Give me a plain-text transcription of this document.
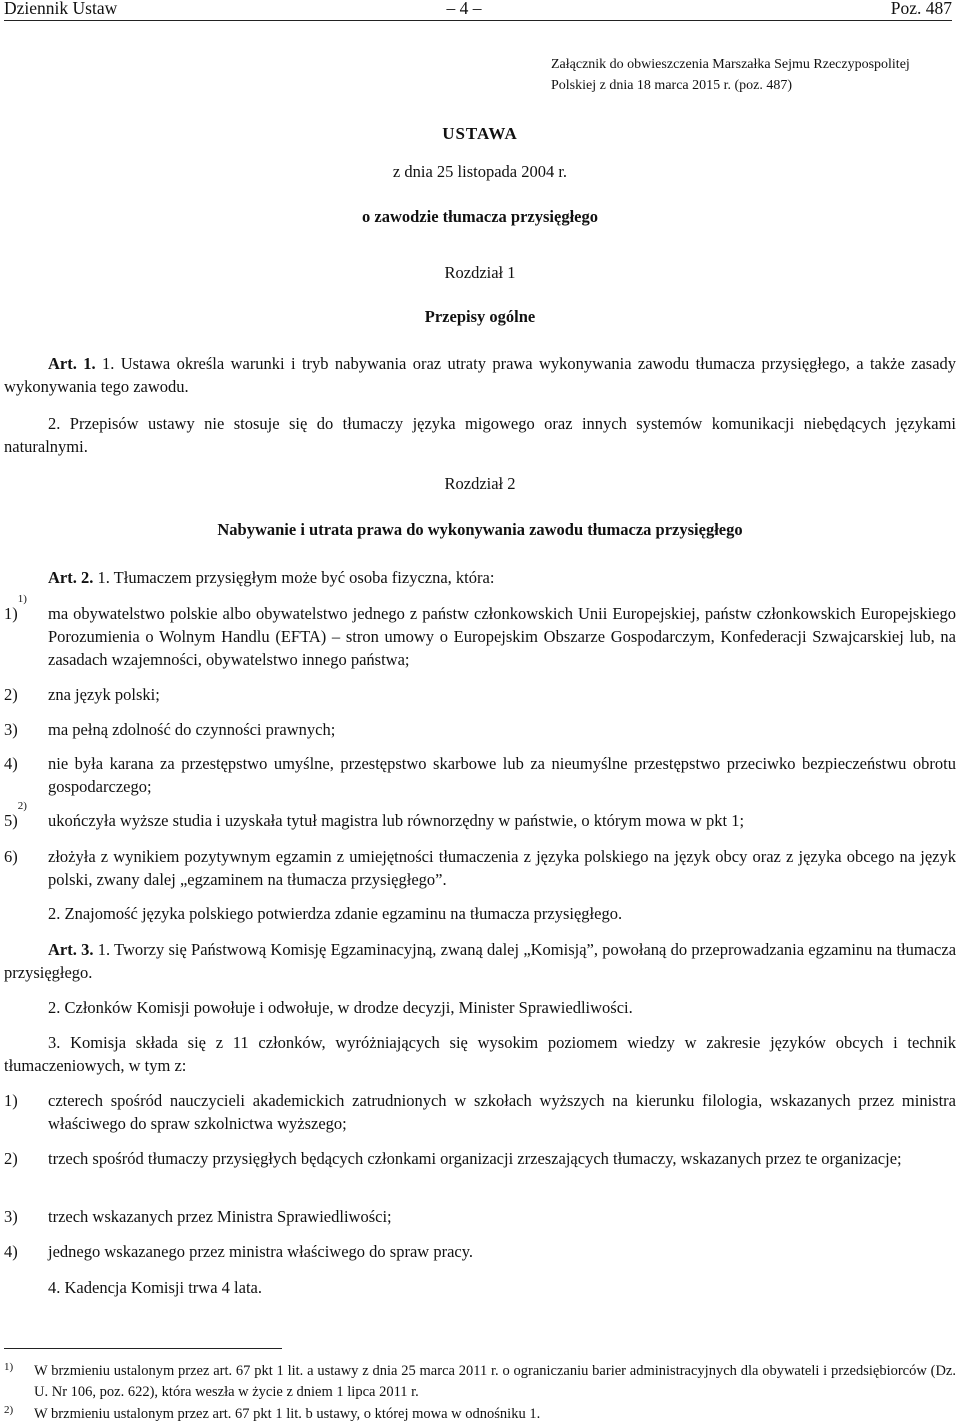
Dziennik Ustaw	– 4 –	Poz. 487
Załącznik do obwieszczenia Marszałka Sejmu Rzeczypospolitej Polskiej z dnia 18 marca 2015 r. (poz. 487)
USTAWA
z dnia 25 listopada 2004 r.
o zawodzie tłumacza przysięgłego
Rozdział 1
Przepisy ogólne
Art. 1. 1. Ustawa określa warunki i tryb nabywania oraz utraty prawa wykonywania zawodu tłumacza przysięgłego, a także zasady wykonywania tego zawodu.
2. Przepisów ustawy nie stosuje się do tłumaczy języka migowego oraz innych systemów komunikacji niebędących językami naturalnymi.
Rozdział 2
Nabywanie i utrata prawa do wykonywania zawodu tłumacza przysięgłego
Art. 2. 1. Tłumaczem przysięgłym może być osoba fizyczna, która:
1)$^{1)}$
ma obywatelstwo polskie albo obywatelstwo jednego z państw członkowskich Unii Europejskiej, państw członkowskich Europejskiego Porozumienia o Wolnym Handlu (EFTA) – stron umowy o Europejskim Obszarze Gospodarczym, Konfederacji Szwajcarskiej lub, na zasadach wzajemności, obywatelstwo innego państwa;
2) zna język polski;
3) ma pełną zdolność do czynności prawnych;
4) nie była karana za przestępstwo umyślne, przestępstwo skarbowe lub za nieumyślne przestępstwo przeciwko bezpieczeństwu obrotu gospodarczego;
5)$^{2)}$
ukończyła wyższe studia i uzyskała tytuł magistra lub równorzędny w państwie, o którym mowa w pkt 1;
6) złożyła z wynikiem pozytywnym egzamin z umiejętności tłumaczenia z języka polskiego na język obcy oraz z języka obcego na język polski, zwany dalej „egzaminem na tłumacza przysięgłego”.
2. Znajomość języka polskiego potwierdza zdanie egzaminu na tłumacza przysięgłego.
Art. 3. 1. Tworzy się Państwową Komisję Egzaminacyjną, zwaną dalej „Komisją”, powołaną do przeprowadzania egzaminu na tłumacza przysięgłego.
2. Członków Komisji powołuje i odwołuje, w drodze decyzji, Minister Sprawiedliwości.
3. Komisja składa się z 11 członków, wyróżniających się wysokim poziomem wiedzy w zakresie języków obcych i technik tłumaczeniowych, w tym z:
1) czterech spośród nauczycieli akademickich zatrudnionych w szkołach wyższych na kierunku filologia, wskazanych przez ministra właściwego do spraw szkolnictwa wyższego;
2) trzech spośród tłumaczy przysięgłych będących członkami organizacji zrzeszających tłumaczy, wskazanych przez te organizacje;
3) trzech wskazanych przez Ministra Sprawiedliwości;
4) jednego wskazanego przez ministra właściwego do spraw pracy.
4. Kadencja Komisji trwa 4 lata.
1) W brzmieniu ustalonym przez art. 67 pkt 1 lit. a ustawy z dnia 25 marca 2011 r. o ograniczaniu barier administracyjnych dla obywateli i przedsiębiorców (Dz. U. Nr 106, poz. 622), która weszła w życie z dniem 1 lipca 2011 r.
2) W brzmieniu ustalonym przez art. 67 pkt 1 lit. b ustawy, o której mowa w odnośniku 1.
